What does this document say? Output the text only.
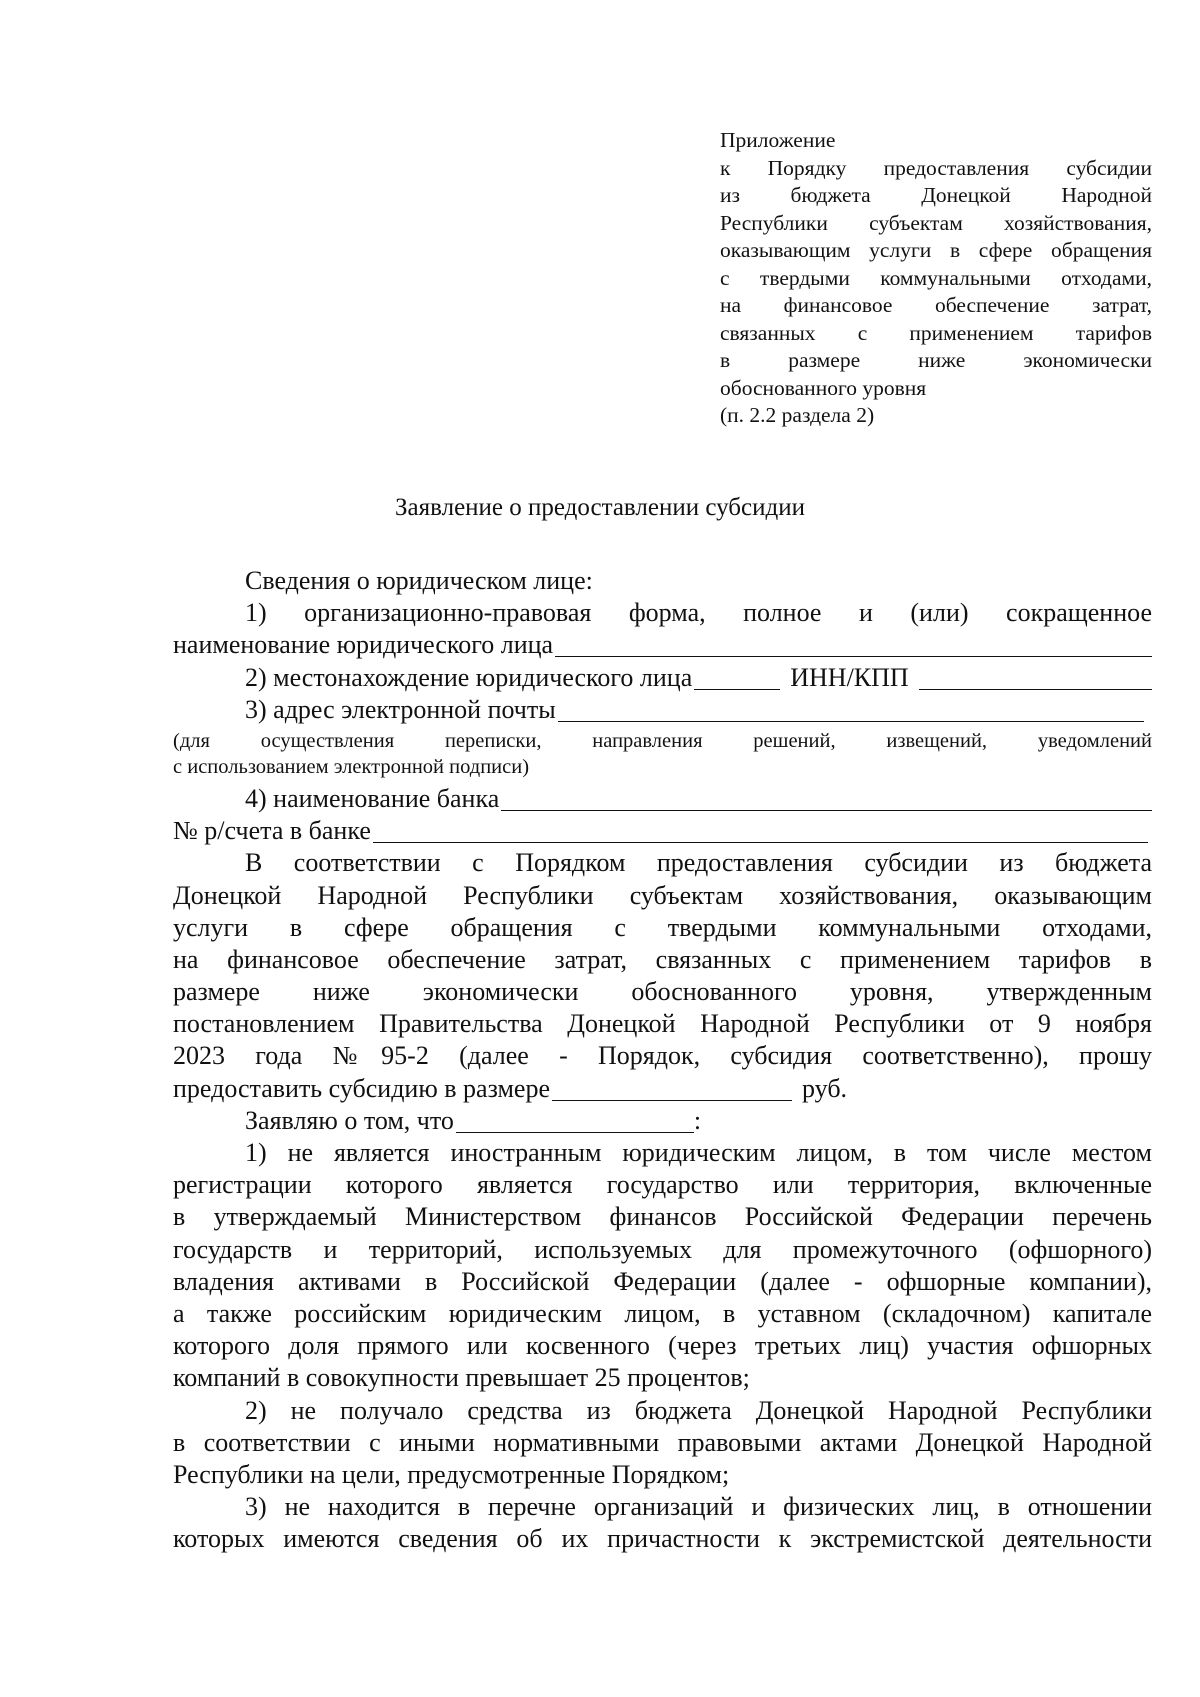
Приложение
к Порядку предоставления субсидии
из бюджета Донецкой Народной
Республики субъектам хозяйствования,
оказывающим услуги в сфере обращения
с твердыми коммунальными отходами,
на финансовое обеспечение затрат,
связанных с применением тарифов
в размере ниже экономически
обоснованного уровня
(п. 2.2 раздела 2)
Заявление о предоставлении субсидии
Сведения о юридическом лице:
1) организационно-правовая форма, полное и (или) сокращенное
наименование юридического лица
2) местонахождение юридического лица	ИНН/КПП
3) адрес электронной почты
(для осуществления переписки, направления решений, извещений, уведомлений
с использованием электронной подписи)
4) наименование банка
№ р/счета в банке
В соответствии с Порядком предоставления субсидии из бюджета
Донецкой Народной Республики субъектам хозяйствования, оказывающим
услуги в сфере обращения с твердыми коммунальными отходами,
на финансовое обеспечение затрат, связанных с применением тарифов в
размере ниже экономически обоснованного уровня, утвержденным
постановлением Правительства Донецкой Народной Республики от 9 ноября
2023 года №95-2 (далее - Порядок, субсидия соответственно), прошу
предоставить субсидию в размере	руб.
Заявляю о том, что	:
1) не является иностранным юридическим лицом, в том числе местом
регистрации которого является государство или территория, включенные
в утверждаемый Министерством финансов Российской Федерации перечень
государств и территорий, используемых для промежуточного (офшорного)
владения активами в Российской Федерации (далее - офшорные компании),
а также российским юридическим лицом, в уставном (складочном) капитале
которого доля прямого или косвенного (через третьих лиц) участия офшорных
компаний в совокупности превышает 25 процентов;
2) не получало средства из бюджета Донецкой Народной Республики
в соответствии с иными нормативными правовыми актами Донецкой Народной
Республики на цели, предусмотренные Порядком;
3) не находится в перечне организаций и физических лиц, в отношении
которых имеются сведения об их причастности к экстремистской деятельности
